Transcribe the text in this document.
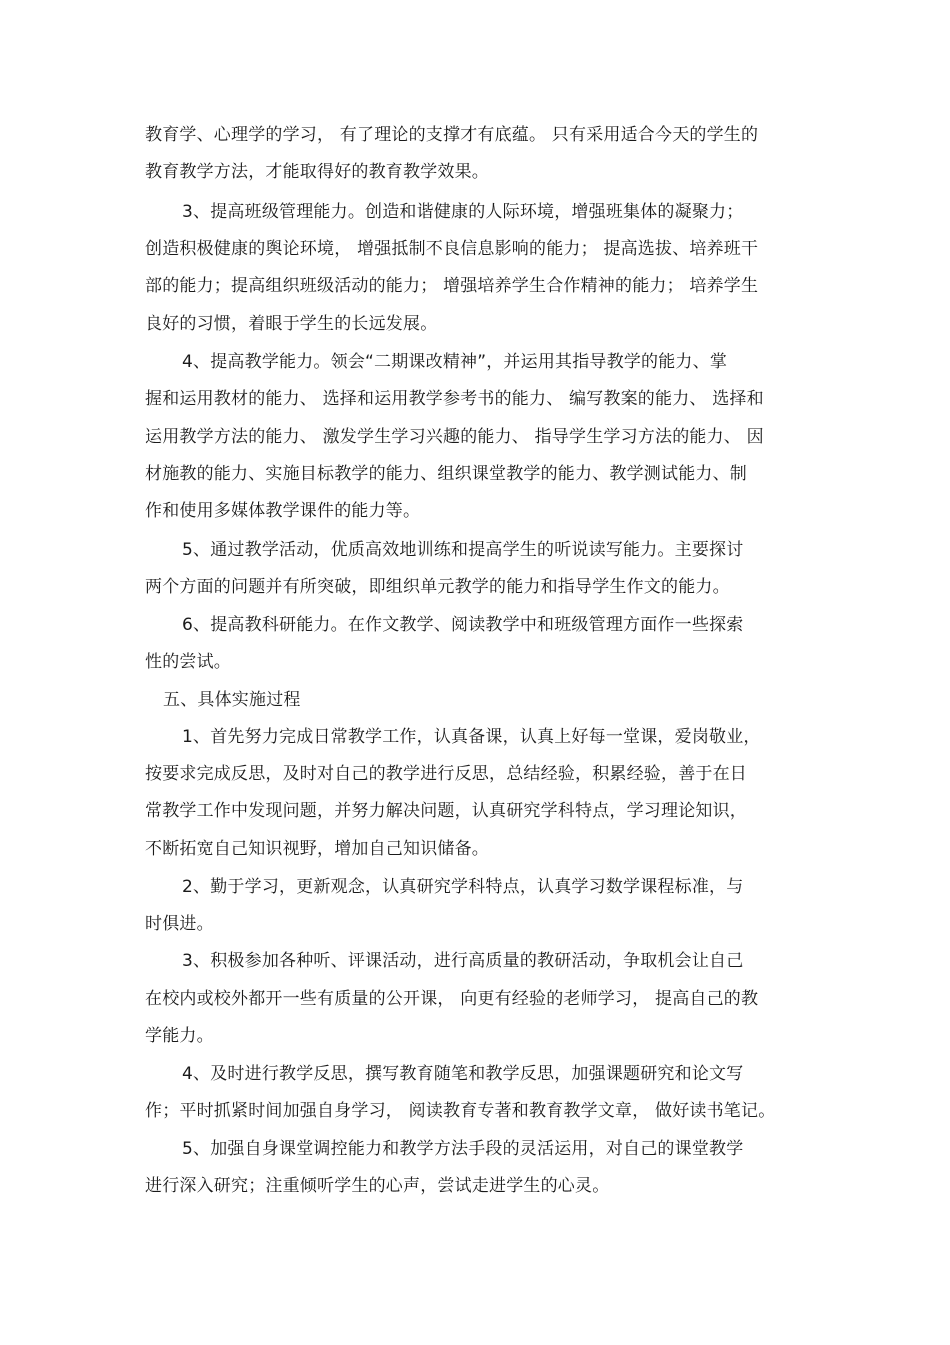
教育学、心理学的学习， 有了理论的支撑才有底蕴。 只有采用适合今天的学生的
教育教学方法，才能取得好的教育教学效果。
3、提高班级管理能力。创造和谐健康的人际环境，增强班集体的凝聚力；
创造积极健康的舆论环境， 增强抵制不良信息影响的能力； 提高选拔、培养班干
部的能力；提高组织班级活动的能力； 增强培养学生合作精神的能力； 培养学生
良好的习惯，着眼于学生的长远发展。
4、提高教学能力。领会“二期课改精神”，并运用其指导教学的能力、掌
握和运用教材的能力、 选择和运用教学参考书的能力、 编写教案的能力、 选择和
运用教学方法的能力、 激发学生学习兴趣的能力、 指导学生学习方法的能力、 因
材施教的能力、实施目标教学的能力、组织课堂教学的能力、教学测试能力、制
作和使用多媒体教学课件的能力等。
5、通过教学活动，优质高效地训练和提高学生的听说读写能力。主要探讨
两个方面的问题并有所突破，即组织单元教学的能力和指导学生作文的能力。
6、提高教科研能力。在作文教学、阅读教学中和班级管理方面作一些探索
性的尝试。
五、具体实施过程
1、首先努力完成日常教学工作，认真备课，认真上好每一堂课，爱岗敬业，
按要求完成反思，及时对自己的教学进行反思，总结经验，积累经验，善于在日
常教学工作中发现问题，并努力解决问题，认真研究学科特点，学习理论知识，
不断拓宽自己知识视野，增加自己知识储备。
2、勤于学习，更新观念，认真研究学科特点，认真学习数学课程标准，与
时俱进。
3、积极参加各种听、评课活动，进行高质量的教研活动，争取机会让自己
在校内或校外都开一些有质量的公开课， 向更有经验的老师学习， 提高自己的教
学能力。
4、及时进行教学反思，撰写教育随笔和教学反思，加强课题研究和论文写
作；平时抓紧时间加强自身学习， 阅读教育专著和教育教学文章， 做好读书笔记。
5、加强自身课堂调控能力和教学方法手段的灵活运用，对自己的课堂教学
进行深入研究；注重倾听学生的心声，尝试走进学生的心灵。
